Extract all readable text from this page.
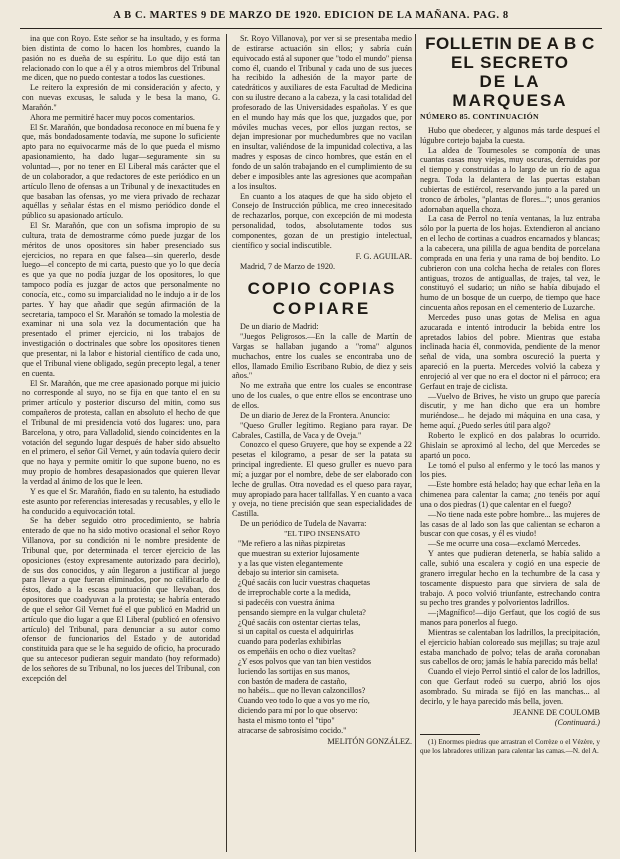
A B C. MARTES 9 DE MARZO DE 1920. EDICION DE LA MAÑANA. PAG. 8

ina que con Royo. Este señor se ha insultado, y es forma bien distinta de como lo hacen los hombres, cuando la pasión no es dueña de su espíritu. Lo que dijo está tan relacionado con lo que a él y a otros miembros del Tribunal me dicen, que no puedo contestar a todos las cuestiones.

Le reitero la expresión de mi consideración y afecto, y con nuevas excusas, le saluda y le besa la mano, G. Marañón."

Ahora me permitiré hacer muy pocos comentarios.

El Sr. Marañón, que bondadosa reconoce en mí buena fe y que, más bondadosamente todavía, me supone lo suficiente apto para no equivocarme más de lo que pueda el mismo apasionamiento, ha dado lugar—seguramente sin su voluntad—, por no tener en El Liberal más carácter que el de un colaborador, a que redactores de este periódico en un artículo lleno de ofensas a un Tribunal y de inexactitudes en que basaban las ofensas, yo me viera privado de rechazar aquéllas y señalar éstas en el mismo periódico donde el público su apasionado artículo.

El Sr. Marañón, que con un sofisma impropio de su cultura, trata de demostrarme cómo puede juzgar de los méritos de unos opositores sin haber presenciado sus ejercicios, no repara en que falsea—sin quererlo, desde luego—el concepto de mi carta, puesto que yo lo que decía es que ya que no podía juzgar de los opositores, lo que tampoco podía es juzgar de actos que personalmente no conocía, etc., como su imparcialidad no le indujo a ir de los partes. Y hay que añadir que según afirmación de la secretaria, tampoco el Sr. Marañón se tomado la molestia de examinar ni una sola vez la documentación que ha presentado el primer ejercicio, ni los trabajos de investigación o doctrinales que sobre los opositores tienen que presentar, ni la labor e historial científico de cada uno, que el Tribunal viene obligado, según precepto legal, a tener en cuenta.

El Sr. Marañón, que me cree apasionado porque mi juicio no corresponde al suyo, no se fija en que tanto el en su primer artículo y posterior discurso del mitin, como sus compañeros de protesta, callan en absoluto el hecho de que el Tribunal de mi presidencia votó dos lugares: uno, para Barcelona, y otro, para Valladolid, siendo coincidentes en la votación del segundo lugar después de haber sido absuelto en el primero, el señor Gil Vernet, y aún todavía quiero decir que no haya y permite omitir lo que supone bueno, no es muy propio de hombres desapasionados que quieren llevar la verdad al ánimo de los que le leen.

Y es que el Sr. Marañón, fiado en su talento, ha estudiado este asunto por referencias interesadas y recusables, y ello le ha conducido a equivocación total.

Se ha deber seguido otro procedimiento, se habría enterado de que no ha sido motivo ocasional el señor Royo Villanova, por su condición ni le nombre presidente de Tribunal que, por determinada el tercer ejercicio de las oposiciones (estoy expresamente autorizado para decirlo), de sus dos conocidos, y aún llegaron a justificar al juego para llevar a que fueran eliminados, por no calificarlo de éstos, dado a la escasa puntuación que llevaban, dos opositores que coadyuvan a la protesta; se habría enterado de que el señor Gil Vernet fué el que publicó en Madrid un artículo que dio lugar a que El Liberal (publicó en ofensivo artículo) del Tribunal, para denunciar a su autor como ofensor de funcionarios del Estado y de autoridad constituida para que se le ha seguido de oficio, ha procurado que su antecesor pudieran seguir mandato (hoy reformado) de los señores de su Tribunal, no los jueces del Tribunal, con excepción del

Sr. Royo Villanova), por ver si se presentaba medio de estirarse actuación sin ellos; y sabría cuán equivocado está al suponer que "todo el mundo" piensa como él, cuando el Tribunal y cada uno de sus jueces ha recibido la adhesión de la mayor parte de catedráticos y auxiliares de esta Facultad de Medicina con su ilustre decano a la cabeza, y la casi totalidad del profesorado de las Universidades españolas. Y es que en el mundo hay más que los que, juzgados que, por móviles muchas veces, por ellos juzgan rectos, se dejan impresionar por muchedumbres que no vacilan en insultar, valiéndose de la impunidad colectiva, a las madres y esposas de cinco hombres, que están en el fondo de un salón trabajando en el cumplimiento de su deber e imposibles ante las agresiones que acompañan a los insultos.

En cuanto a los ataques de que ha sido objeto el Consejo de Instrucción pública, me creo innecesitado de rechazarlos, porque, con excepción de mi modesta personalidad, todos, absolutamente todos sus componentes, gozan de un prestigio intelectual, científico y social indiscutible.

F. G. AGUILAR.

Madrid, 7 de Marzo de 1920.

COPIO COPIAS
COPIARE

De un diario de Madrid:

"Juegos Peligrosos.—En la calle de Martín de Vargas se hallaban jugando a "roma" algunos muchachos, entre los cuales se encontraba uno de ellos, llamado Emilio Escribano Rubio, de diez y seis años."

No me extraña que entre los cuales se encontrase uno de los cuales, o que entre ellos se encontrase uno de ellos.

De un diario de Jerez de la Frontera. Anuncio:

"Queso Gruller legítimo. Regiano para rayar. De Cabrales, Castilla, de Vaca y de Oveja."

Conozco el queso Gruyere, que hoy se expende a 22 pesetas el kilogramo, a pesar de ser la patata su principal ingrediente. El queso gruller es nuevo para mí; a juzgar por el nombre, debe de ser elaborado con leche de grullas. Otra novedad es el queso para rayar, muy apropiado para hacer tallfallas. Y en cuanto a vaca y oveja, no tiene precisión que sean especialidades de Castilla.

De un periódico de Tudela de Navarra:

"EL TIPO INSENSATO

"Me refiero a las niñas pizpiretas

que muestran su exterior lujosamente

y a las que visten elegantemente

debajo su interior sin camiseta.

¿Qué sacáis con lucir vuestras chaquetas

de irreprochable corte a la medida,

si padecéis con vuestra ánima

pensando siempre en la vulgar chuleta?

¿Qué sacáis con ostentar ciertas telas,

si un capital os cuesta el adquirirlas

cuando para poderlas exhibirlas

os empeñáis en ocho o diez vueltas?

¿Y esos polvos que van tan bien vestidos

luciendo las sortijas en sus manos,

con bastón de madera de castaño,

no habéis... que no llevan calzoncillos?

Cuando veo todo lo que a vos yo me río,

diciendo para mí por lo que observo:

hasta el mismo tonto el "tipo"

atracarse de sabrosísimo cocido."

MELITÓN GONZÁLEZ.

FOLLETIN DE A B C
EL SECRETO
DE LA MARQUESA
NÚMERO 85. CONTINUACIÓN

Hubo que obedecer, y algunos más tarde despueś el lúgubre cortejo bajaba la cuesta.

La aldea de Tournesoles se componía de unas cuantas casas muy viejas, muy oscuras, derruidas por el tiempo y construidas a lo largo de un río de agua negra. Toda la delantera de las puertas estaban cubiertas de estiércol, reservando junto a la pared un tronco de árboles, "plantas de flores..."; unos geranios adornaban aquella choza.

La casa de Perrol no tenía ventanas, la luz entraba sólo por la puerta de los hojas. Extendieron al anciano en el lecho de cortinas a cuadros encarnados y blancas; a la cabecera, una pililla de agua bendita de porcelana comprada en una feria y una rama de boj bendito. Lo cubrieron con una colcha hecha de retales con flores antiguas, trozos de antiguallas, de trajes, tal vez, le constituyó el sudario; un niño se había dibujado el humo de un bosque de un cuerpo, de tiempo que hace cincuenta años reposan en el cementerio de Luzarche.

Mercedes puso unas gotas de Melisa en agua azucarada e intentó introducir la bebida entre los apretados labios del pobre. Mientras que estaba inclinada hacia él, conmovida, pendiente de la menor señal de vida, una sombra oscureció la puerta y apareció en la puerta. Mercedes volvió la cabeza y enrojeció al ver que no era el doctor ni el párroco; era Gerfaut en traje de ciclista.

—Vuelvo de Brives, he visto un grupo que parecía discutir, y me han dicho que era un hombre muriéndose... he dejado mi máquina en una casa, y heme aquí. ¿Puedo serles útil para algo?

Roberto le explicó en dos palabras lo ocurrido. Ghislain se aproximó al lecho, del que Mercedes se apartó un poco.

Le tomó el pulso al enfermo y le tocó las manos y los pies.

—Este hombre está helado; hay que echar leña en la chimenea para calentar la cama; ¿no tenéis por aquí una o dos piedras (1) que calentar en el fuego?

—No tiene nada este pobre hombre... las mujeres de las casas de al lado son las que calientan se echaron a buscar con que cosas, y él es viudo!

—Se me ocurre una cosa—exclamó Mercedes.

Y antes que pudieran detenerla, se había salido a calle, subió una escalera y cogió en una especie de granero irregular hecho en la techumbre de la casa y toscamente dispuesto para que sirviera de sala de trabajo. A poco volvió triunfante, estrechando contra su pecho tres grandes y polvorientos ladrillos.

—¡Magnífico!—dijo Gerfaut, que los cogió de sus manos para ponerlos al fuego.

Mientras se calentaban los ladrillos, la precipitación, el ejercicio habían coloreado sus mejillas; su traje azul estaba manchado de polvo; telas de araña coronaban sus cabellos de oro; jamás le había parecido más bella!

Cuando el viejo Perrol sintió el calor de los ladrillos, con que Gerfaut rodeó su cuerpo, abrió los ojos asombrado. Su mirada se fijó en las manchas... al decirlo, y le haya parecido más bella, joven.

JEANNE DE COULOMB

(Continuará.)

(1) Enormes piedras que arrastran el Corrèze o el Vézère, y que los labradores utilizan para calentar las camas.—N. del A.
